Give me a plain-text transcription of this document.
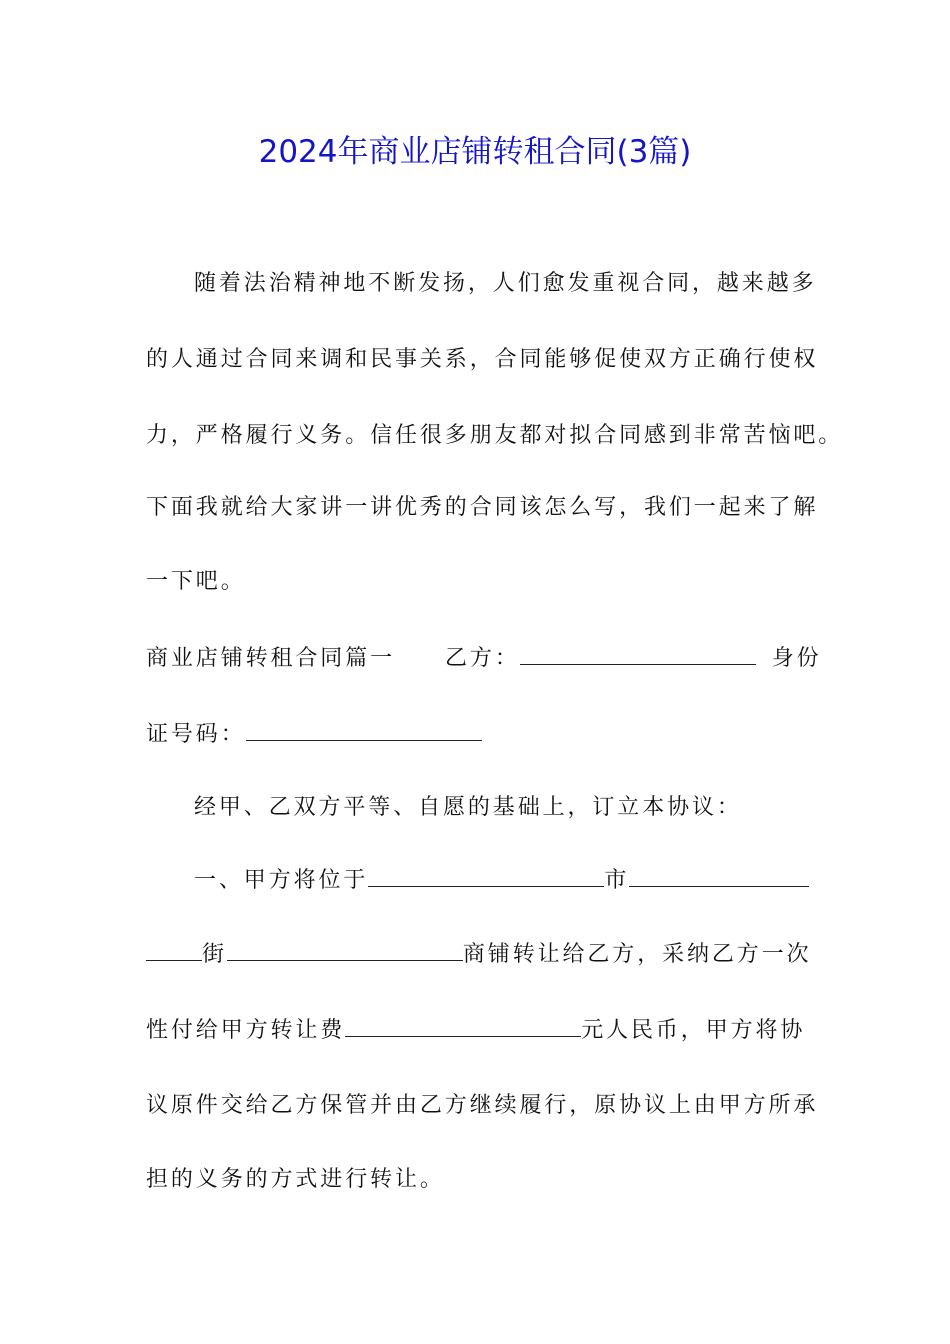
2024年商业店铺转租合同(3篇)
随着法治精神地不断发扬，人们愈发重视合同，越来越多
的人通过合同来调和民事关系，合同能够促使双方正确行使权
力，严格履行义务。信任很多朋友都对拟合同感到非常苦恼吧。
下面我就给大家讲一讲优秀的合同该怎么写，我们一起来了解
一下吧。
商业店铺转租合同篇一 乙方：	身份
证号码：
经甲、乙双方平等、自愿的基础上，订立本协议：
一、甲方将位于	市
街	商铺转让给乙方，采纳乙方一次
性付给甲方转让费	元人民币，甲方将协
议原件交给乙方保管并由乙方继续履行，原协议上由甲方所承
担的义务的方式进行转让。
